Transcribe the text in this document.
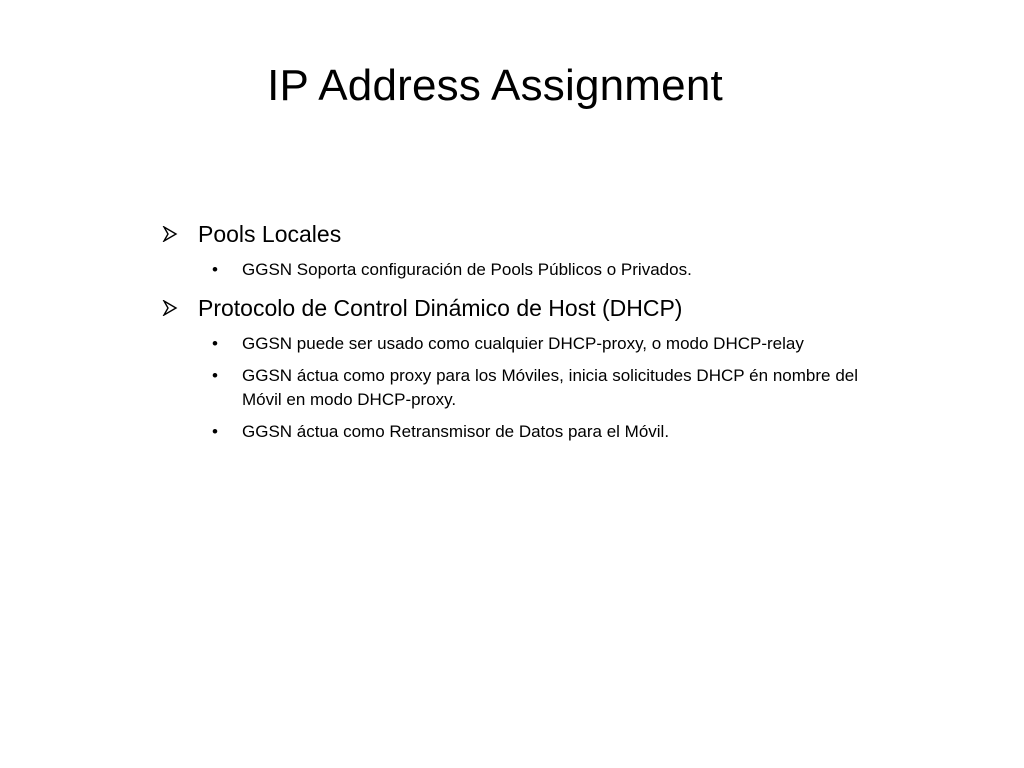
IP Address Assignment
Pools Locales
• GGSN Soporta configuración de Pools Públicos o Privados.
Protocolo de Control Dinámico de Host (DHCP)
• GGSN puede ser usado como cualquier DHCP-proxy, o modo DHCP-relay
• GGSN áctua como proxy para los Móviles, inicia solicitudes DHCP én nombre del Móvil en modo DHCP-proxy.
• GGSN áctua como Retransmisor de Datos para el Móvil.
